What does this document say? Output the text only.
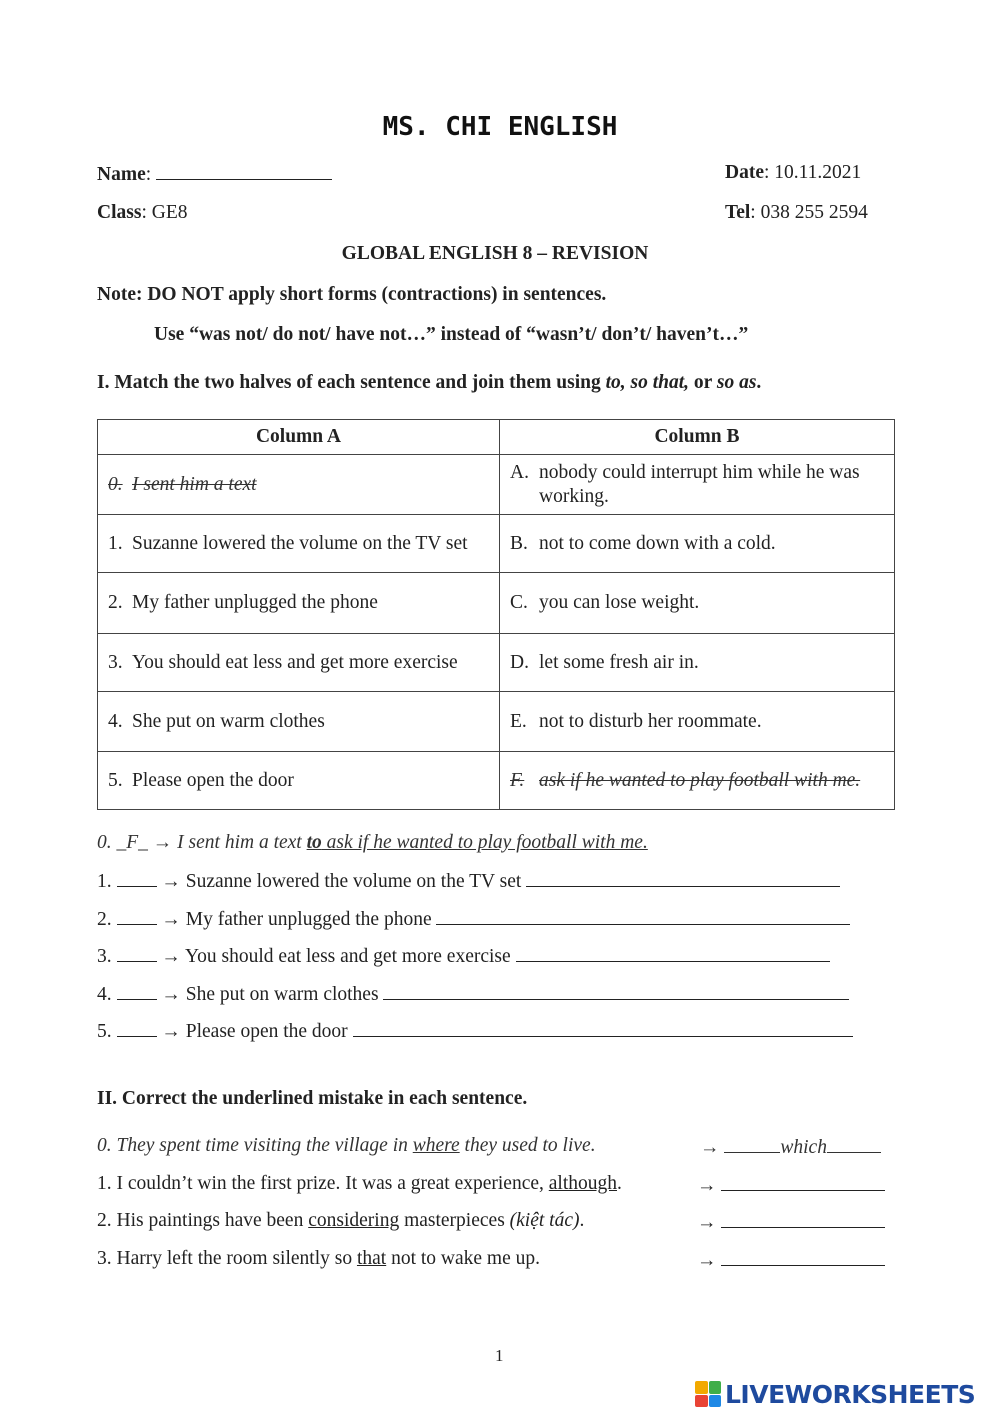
MS. CHI ENGLISH
Name:	Date: 10.11.2021
Class: GE8	Tel: 038 255 2594
GLOBAL ENGLISH 8 – REVISION
Note: DO NOT apply short forms (contractions) in sentences.
Use “was not/ do not/ have not…” instead of “wasn’t/ don’t/ haven’t…”
I. Match the two halves of each sentence and join them using to, so that, or so as.
Column A	Column B

0. I sent him a text	A. nobody could interrupt him while he was working.

1. Suzanne lowered the volume on the TV set	B. not to come down with a cold.

2. My father unplugged the phone	C. you can lose weight.

3. You should eat less and get more exercise	D. let some fresh air in.

4. She put on warm clothes	E. not to disturb her roommate.

5. Please open the door	F. ask if he wanted to play football with me.
0. _F_ → I sent him a text to ask if he wanted to play football with me.
1.	→ Suzanne lowered the volume on the TV set
2.	→ My father unplugged the phone
3.	→ You should eat less and get more exercise
4.	→ She put on warm clothes
5.	→ Please open the door
II. Correct the underlined mistake in each sentence.
0. They spent time visiting the village in where they used to live.	→	which
1. I couldn’t win the first prize. It was a great experience, although.	→
2. His paintings have been considering masterpieces (kiệt tác).	→
3. Harry left the room silently so that not to wake me up.	→
1
LIVEWORKSHEETS
